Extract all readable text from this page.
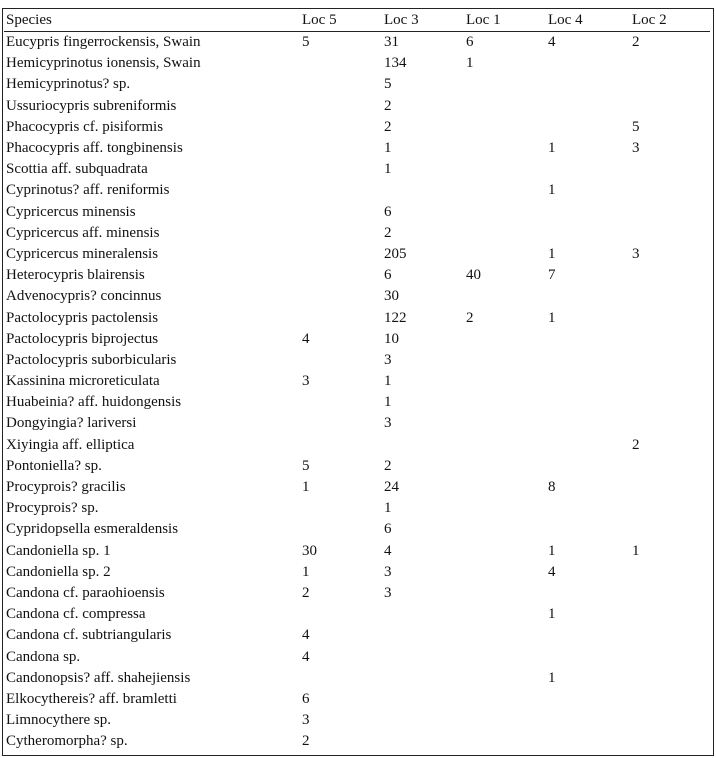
Species	Loc 5	Loc 3	Loc 1	Loc 4	Loc 2
Eucypris fingerrockensis, Swain	5	31	6	4	2
Hemicyprinotus ionensis, Swain		134	1		
Hemicyprinotus? sp.		5			
Ussuriocypris subreniformis		2			
Phacocypris cf. pisiformis		2			5
Phacocypris aff. tongbinensis		1		1	3
Scottia aff. subquadrata		1			
Cyprinotus? aff. reniformis				1	
Cypricercus minensis		6			
Cypricercus aff. minensis		2			
Cypricercus mineralensis		205		1	3
Heterocypris blairensis		6	40	7	
Advenocypris? concinnus		30			
Pactolocypris pactolensis		122	2	1	
Pactolocypris biprojectus	4	10			
Pactolocypris suborbicularis		3			
Kassinina microreticulata	3	1			
Huabeinia? aff. huidongensis		1			
Dongyingia? lariversi		3			
Xiyingia aff. elliptica					2
Pontoniella? sp.	5	2			
Procyprois? gracilis	1	24		8	
Procyprois? sp.		1			
Cypridopsella esmeraldensis		6			
Candoniella sp. 1	30	4		1	1
Candoniella sp. 2	1	3		4	
Candona cf. paraohioensis	2	3			
Candona cf. compressa				1	
Candona cf. subtriangularis	4				
Candona sp.	4				
Candonopsis? aff. shahejiensis				1	
Elkocythereis? aff. bramletti	6				
Limnocythere sp.	3				
Cytheromorpha? sp.	2				
